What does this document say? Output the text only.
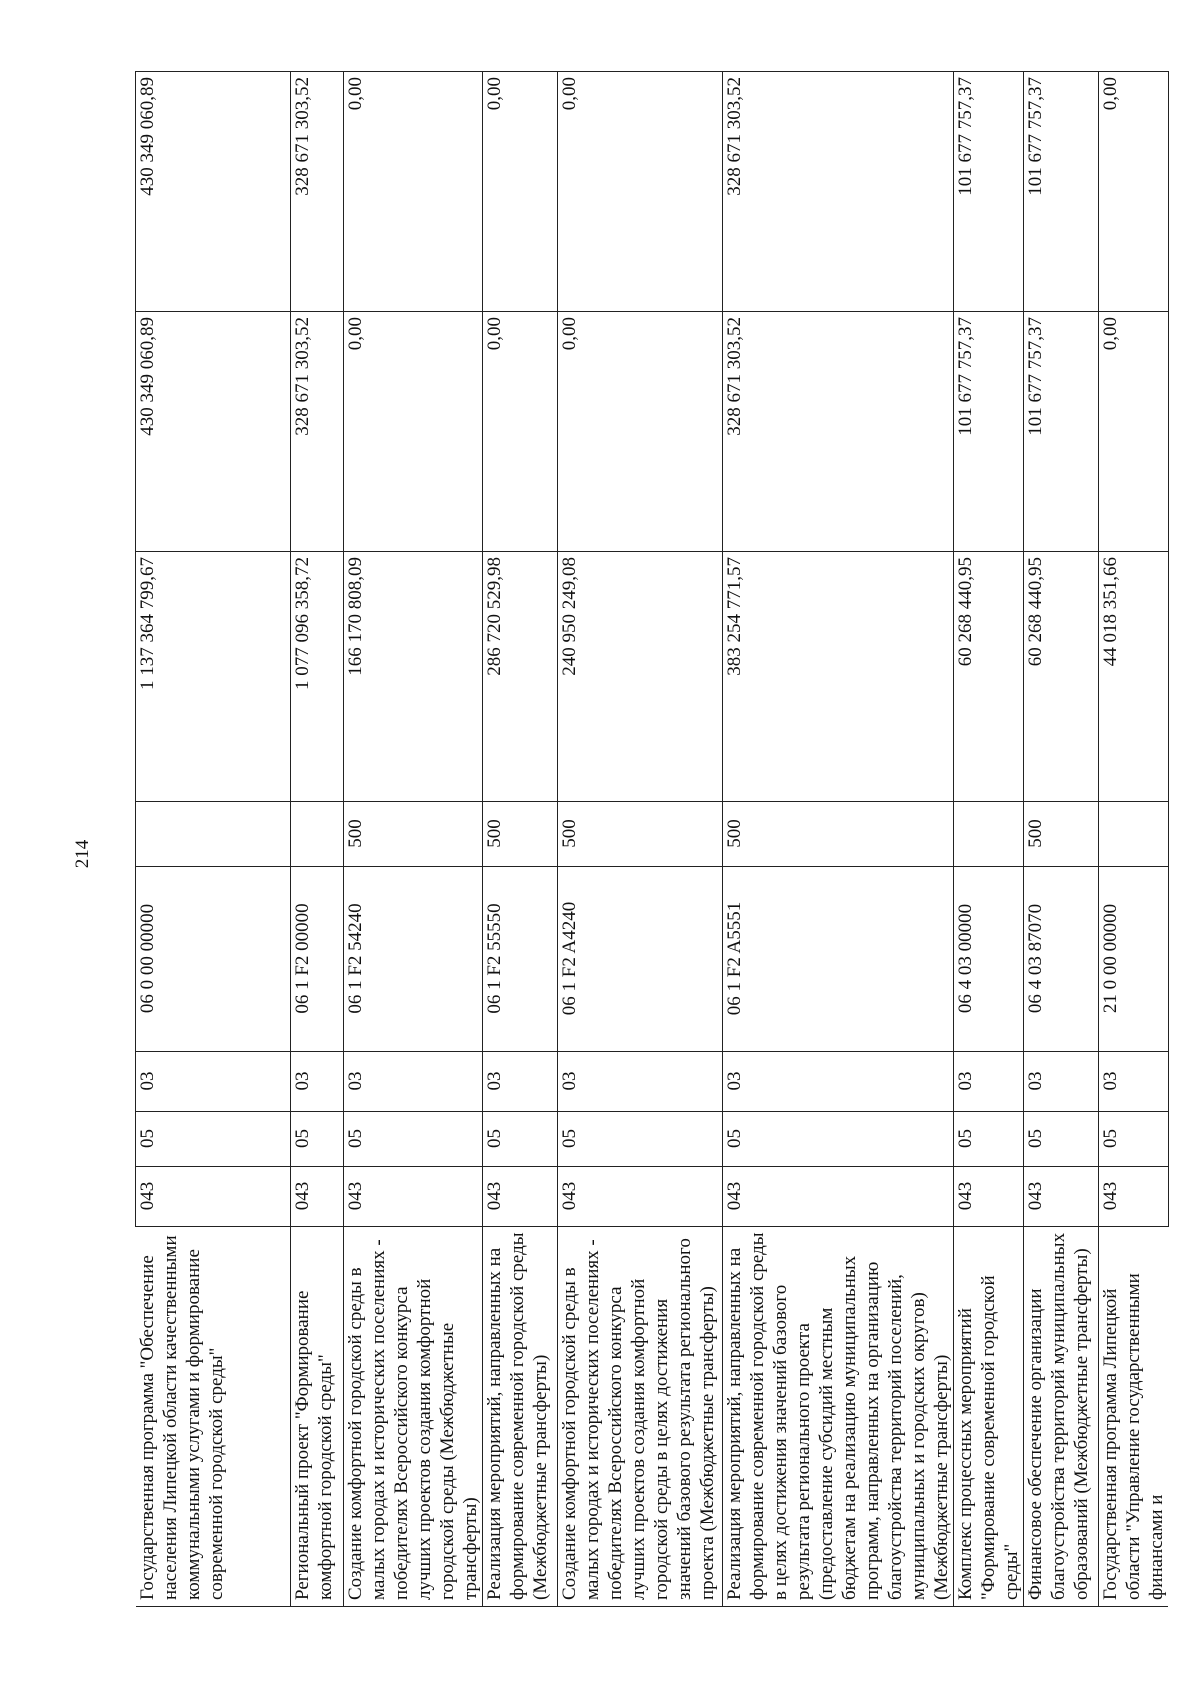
214
Государственная программа "Обеспечение населения Липецкой области качественными коммунальными услугами и формирование современной городской среды"	043	05	03	06 0 00 00000		1 137 364 799,67	430 349 060,89	430 349 060,89
Региональный проект "Формирование комфортной городской среды"	043	05	03	06 1 F2 00000		1 077 096 358,72	328 671 303,52	328 671 303,52
Создание комфортной городской среды в малых городах и исторических поселениях - победителях Всероссийского конкурса лучших проектов создания комфортной городской среды (Межбюджетные трансферты)	043	05	03	06 1 F2 54240	500	166 170 808,09	0,00	0,00
Реализация мероприятий, направленных на формирование современной городской среды (Межбюджетные трансферты)	043	05	03	06 1 F2 55550	500	286 720 529,98	0,00	0,00
Создание комфортной городской среды в малых городах и исторических поселениях - победителях Всероссийского конкурса лучших проектов создания комфортной городской среды в целях достижения значений базового результата регионального проекта (Межбюджетные трансферты)	043	05	03	06 1 F2 A4240	500	240 950 249,08	0,00	0,00
Реализация мероприятий, направленных на формирование современной городской среды в целях достижения значений базового результата регионального проекта (предоставление субсидий местным бюджетам на реализацию муниципальных программ, направленных на организацию благоустройства территорий поселений, муниципальных и городских округов) (Межбюджетные трансферты)	043	05	03	06 1 F2 A5551	500	383 254 771,57	328 671 303,52	328 671 303,52
Комплекс процессных мероприятий "Формирование современной городской среды"	043	05	03	06 4 03 00000		60 268 440,95	101 677 757,37	101 677 757,37
Финансовое обеспечение организации благоустройства территорий муниципальных образований (Межбюджетные трансферты)	043	05	03	06 4 03 87070	500	60 268 440,95	101 677 757,37	101 677 757,37
Государственная программа Липецкой области "Управление государственными финансами и	043	05	03	21 0 00 00000		44 018 351,66	0,00	0,00
